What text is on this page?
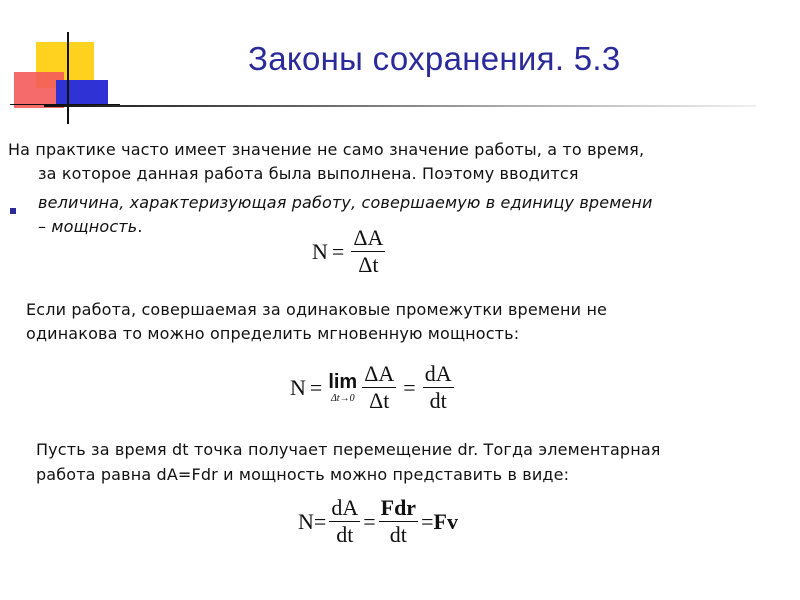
Законы сохранения. 5.3
На практике часто имеет значение не само значение работы, а то время,
за которое данная работа была выполнена. Поэтому вводится
величина, характеризующая работу, совершаемую в единицу времени
– мощность.
$N = \frac{\Delta A}{\Delta t}$
Если работа, совершаемая за одинаковые промежутки времени не
одинакова то можно определить мгновенную мощность:
N = lim
$\Delta t\to 0 \frac{\Delta A}{\Delta t} = \frac{dA}{dt}$
Пусть за время dt точка получает перемещение dr. Тогда элементарная
работа равна dA=Fdr и мощность можно представить в виде:
$N = \frac{dA}{dt} = \frac{\text{Fdr}}{dt} = Fv$
